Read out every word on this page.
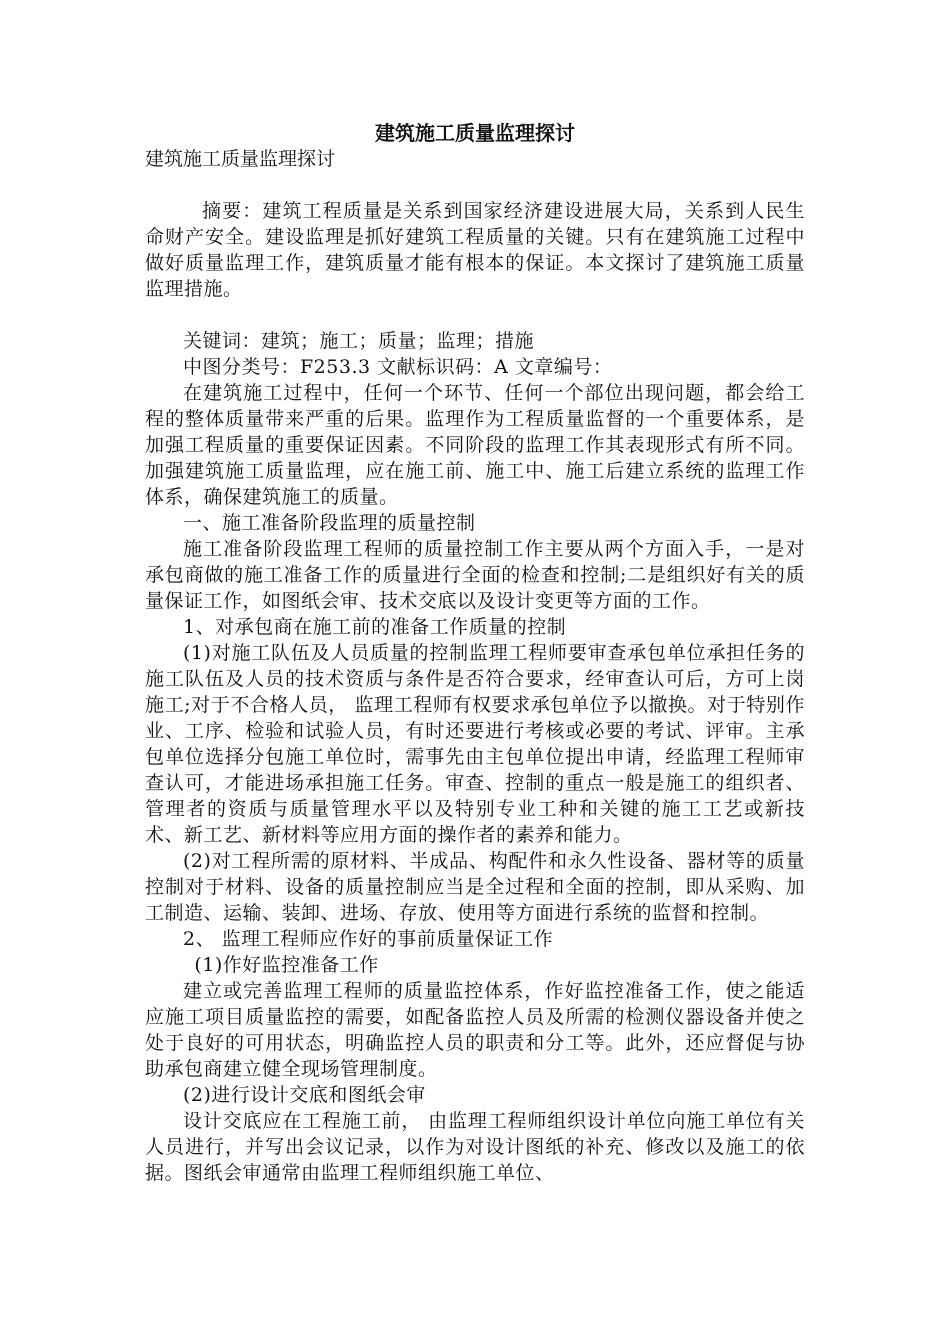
建筑施工质量监理探讨
建筑施工质量监理探讨

摘要：建筑工程质量是关系到国家经济建设进展大局，关系到人民生命财产安全。建设监理是抓好建筑工程质量的关键。只有在建筑施工过程中做好质量监理工作，建筑质量才能有根本的保证。本文探讨了建筑施工质量监理措施。

关键词：建筑；施工；质量；监理；措施

中图分类号：F253.3 文献标识码：A 文章编号：

在建筑施工过程中，任何一个环节、任何一个部位出现问题，都会给工程的整体质量带来严重的后果。监理作为工程质量监督的一个重要体系，是加强工程质量的重要保证因素。不同阶段的监理工作其表现形式有所不同。加强建筑施工质量监理，应在施工前、施工中、施工后建立系统的监理工作体系，确保建筑施工的质量。

一、施工准备阶段监理的质量控制

施工准备阶段监理工程师的质量控制工作主要从两个方面入手，一是对承包商做的施工准备工作的质量进行全面的检查和控制;二是组织好有关的质量保证工作，如图纸会审、技术交底以及设计变更等方面的工作。

1、对承包商在施工前的准备工作质量的控制

(1)对施工队伍及人员质量的控制监理工程师要审查承包单位承担任务的施工队伍及人员的技术资质与条件是否符合要求，经审查认可后，方可上岗施工;对于不合格人员， 监理工程师有权要求承包单位予以撤换。对于特别作业、工序、检验和试验人员，有时还要进行考核或必要的考试、评审。主承包单位选择分包施工单位时，需事先由主包单位提出申请，经监理工程师审查认可，才能进场承担施工任务。审查、控制的重点一般是施工的组织者、管理者的资质与质量管理水平以及特别专业工种和关键的施工工艺或新技术、新工艺、新材料等应用方面的操作者的素养和能力。

(2)对工程所需的原材料、半成品、构配件和永久性设备、器材等的质量控制对于材料、设备的质量控制应当是全过程和全面的控制，即从采购、加工制造、运输、装卸、进场、存放、使用等方面进行系统的监督和控制。

2、 监理工程师应作好的事前质量保证工作

(1)作好监控准备工作

建立或完善监理工程师的质量监控体系，作好监控准备工作，使之能适应施工项目质量监控的需要，如配备监控人员及所需的检测仪器设备并使之处于良好的可用状态，明确监控人员的职责和分工等。此外，还应督促与协助承包商建立健全现场管理制度。

(2)进行设计交底和图纸会审

设计交底应在工程施工前， 由监理工程师组织设计单位向施工单位有关人员进行，并写出会议记录，以作为对设计图纸的补充、修改以及施工的依据。图纸会审通常由监理工程师组织施工单位、
